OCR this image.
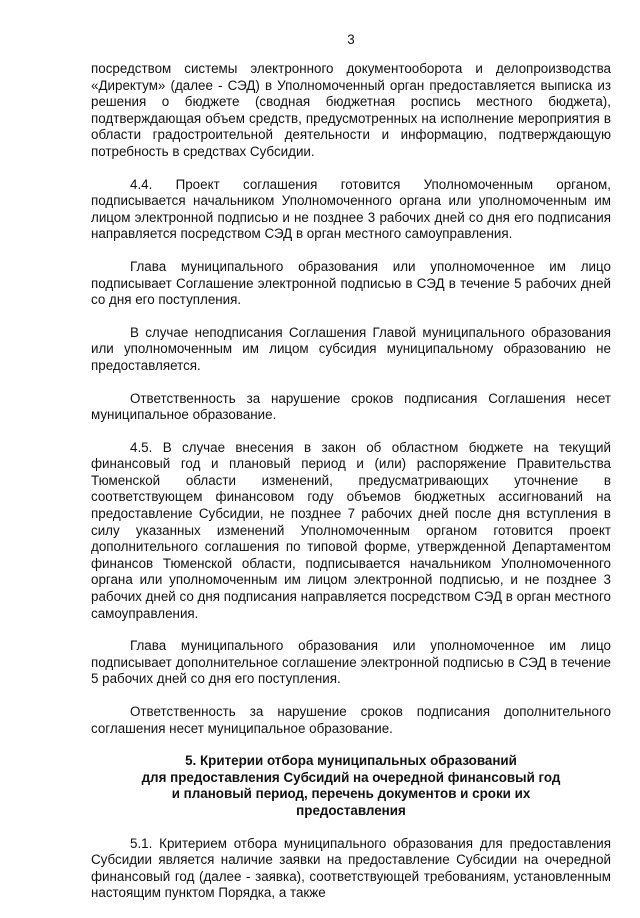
3

посредством системы электронного документооборота и делопроизводства «Директум» (далее - СЭД) в Уполномоченный орган предоставляется выписка из решения о бюджете (сводная бюджетная роспись местного бюджета), подтверждающая объем средств, предусмотренных на исполнение мероприятия в области градостроительной деятельности и информацию, подтверждающую потребность в средствах Субсидии.

4.4. Проект соглашения готовится Уполномоченным органом, подписывается начальником Уполномоченного органа или уполномоченным им лицом электронной подписью и не позднее 3 рабочих дней со дня его подписания направляется посредством СЭД в орган местного самоуправления.

Глава муниципального образования или уполномоченное им лицо подписывает Соглашение электронной подписью в СЭД в течение 5 рабочих дней со дня его поступления.

В случае неподписания Соглашения Главой муниципального образования или уполномоченным им лицом субсидия муниципальному образованию не предоставляется.

Ответственность за нарушение сроков подписания Соглашения несет муниципальное образование.

4.5. В случае внесения в закон об областном бюджете на текущий финансовый год и плановый период и (или) распоряжение Правительства Тюменской области изменений, предусматривающих уточнение в соответствующем финансовом году объемов бюджетных ассигнований на предоставление Субсидии, не позднее 7 рабочих дней после дня вступления в силу указанных изменений Уполномоченным органом готовится проект дополнительного соглашения по типовой форме, утвержденной Департаментом финансов Тюменской области, подписывается начальником Уполномоченного органа или уполномоченным им лицом электронной подписью, и не позднее 3 рабочих дней со дня подписания направляется посредством СЭД в орган местного самоуправления.

Глава муниципального образования или уполномоченное им лицо подписывает дополнительное соглашение электронной подписью в СЭД в течение 5 рабочих дней со дня его поступления.

Ответственность за нарушение сроков подписания дополнительного соглашения несет муниципальное образование.

5. Критерии отбора муниципальных образований
для предоставления Субсидий на очередной финансовый год
и плановый период, перечень документов и сроки их
предоставления

5.1. Критерием отбора муниципального образования для предоставления Субсидии является наличие заявки на предоставление Субсидии на очередной финансовый год (далее - заявка), соответствующей требованиям, установленным настоящим пунктом Порядка, а также
